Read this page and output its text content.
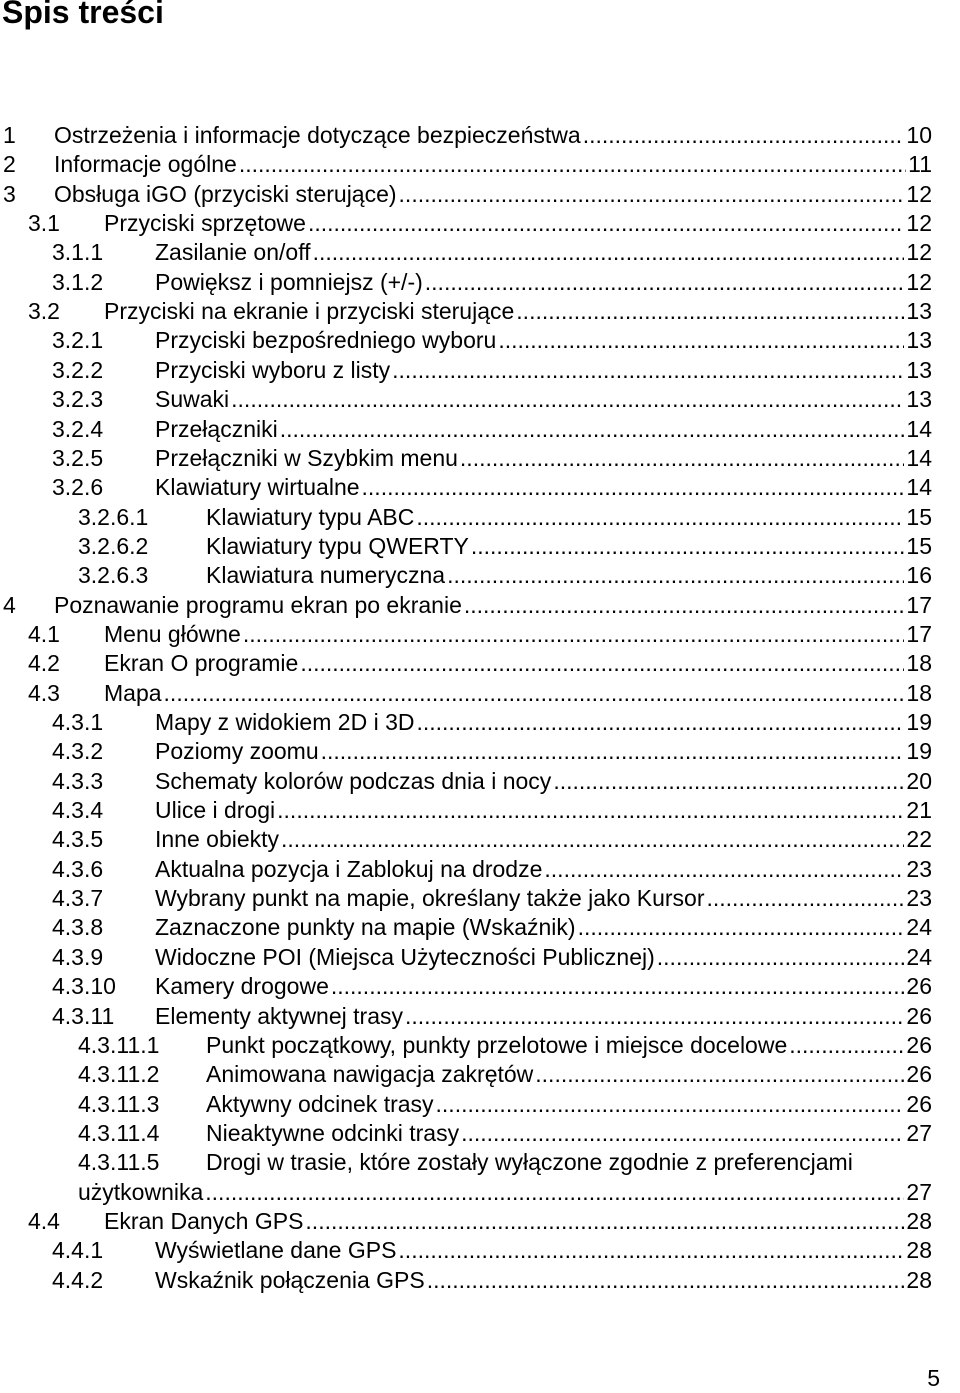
Spis treści
1 Ostrzeżenia i informacje dotyczące bezpieczeństwa .....	10
2 Informacje ogólne .....	11
3 Obsługa iGO (przyciski sterujące) .....	12
3.1 Przyciski sprzętowe .....	12
3.1.1 Zasilanie on/off .....	12
3.1.2 Powiększ i pomniejsz (+/-) .....	12
3.2 Przyciski na ekranie i przyciski sterujące .....	13
3.2.1 Przyciski bezpośredniego wyboru .....	13
3.2.2 Przyciski wyboru z listy .....	13
3.2.3 Suwaki .....	13
3.2.4 Przełączniki .....	14
3.2.5 Przełączniki w Szybkim menu .....	14
3.2.6 Klawiatury wirtualne .....	14
3.2.6.1	Klawiatury typu ABC .....	15
3.2.6.2	Klawiatury typu QWERTY .....	15
3.2.6.3	Klawiatura numeryczna .....	16
4 Poznawanie programu ekran po ekranie .....	17
4.1 Menu główne .....	17
4.2 Ekran O programie .....	18
4.3 Mapa .....	18
4.3.1 Mapy z widokiem 2D i 3D .....	19
4.3.2 Poziomy zoomu .....	19
4.3.3 Schematy kolorów podczas dnia i nocy .....	20
4.3.4 Ulice i drogi .....	21
4.3.5 Inne obiekty .....	22
4.3.6 Aktualna pozycja i Zablokuj na drodze .....	23
4.3.7 Wybrany punkt na mapie, określany także jako Kursor .....	23
4.3.8 Zaznaczone punkty na mapie (Wskaźnik) .....	24
4.3.9 Widoczne POI (Miejsca Użyteczności Publicznej) .....	24
4.3.10 Kamery drogowe .....	26
4.3.11 Elementy aktywnej trasy .....	26
4.3.11.1 Punkt początkowy, punkty przelotowe i miejsce docelowe .....	26
4.3.11.2 Animowana nawigacja zakrętów .....	26
4.3.11.3 Aktywny odcinek trasy .....	26
4.3.11.4 Nieaktywne odcinki trasy .....	27
4.3.11.5 Drogi w trasie, które zostały wyłączone zgodnie z preferencjami
użytkownika .....	27
4.4 Ekran Danych GPS .....	28
4.4.1 Wyświetlane dane GPS .....	28
4.4.2 Wskaźnik połączenia GPS .....	28
5
